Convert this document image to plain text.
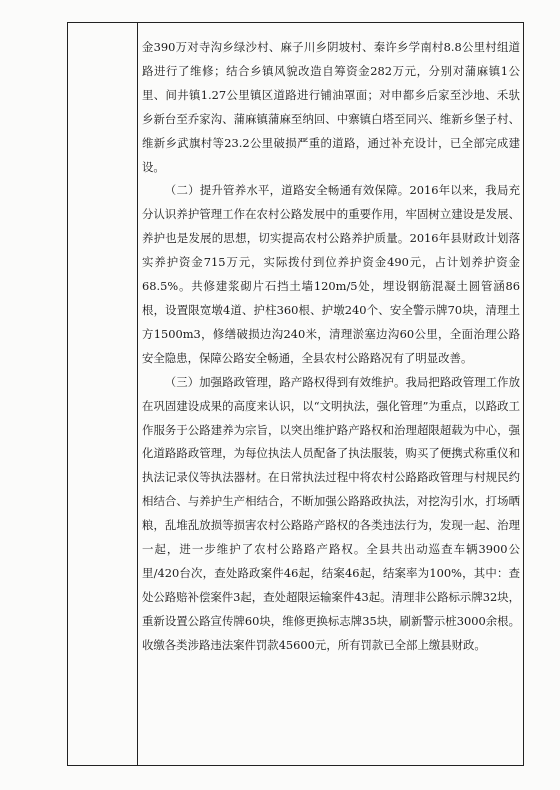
金390万对寺沟乡绿沙村、麻子川乡阴坡村、秦许乡学南村8.8公里村组道路进行了维修；结合乡镇风貌改造自筹资金282万元，分别对蒲麻镇1公里、间井镇1.27公里镇区道路进行铺油罩面；对申都乡后家至沙地、禾驮乡新台至乔家沟、蒲麻镇蒲麻至纳回、中寨镇白塔至同兴、维新乡堡子村、维新乡武旗村等23.2公里破损严重的道路，通过补充设计，已全部完成建设。

（二）提升管养水平，道路安全畅通有效保障。2016年以来，我局充分认识养护管理工作在农村公路发展中的重要作用，牢固树立建设是发展、养护也是发展的思想，切实提高农村公路养护质量。2016年县财政计划落实养护资金715万元，实际拨付到位养护资金490元，占计划养护资金68.5%。共修建浆砌片石挡土墙120m/5处，埋设钢筋混凝土圆管涵86根，设置限宽墩4道、护柱360根、护墩240个、安全警示牌70块，清理土方1500m3，修缮破损边沟240米，清理淤塞边沟60公里，全面治理公路安全隐患，保障公路安全畅通，全县农村公路路况有了明显改善。

（三）加强路政管理，路产路权得到有效维护。我局把路政管理工作放在巩固建设成果的高度来认识，以“文明执法，强化管理”为重点，以路政工作服务于公路建养为宗旨，以突出维护路产路权和治理超限超载为中心，强化道路路政管理，为每位执法人员配备了执法服装，购买了便携式称重仪和执法记录仪等执法器材。在日常执法过程中将农村公路路政管理与村规民约相结合、与养护生产相结合，不断加强公路路政执法，对挖沟引水，打场晒粮，乱堆乱放损等损害农村公路路产路权的各类违法行为，发现一起、治理一起，进一步维护了农村公路路产路权。全县共出动巡查车辆3900公里/420台次，查处路政案件46起，结案46起，结案率为100%，其中：查处公路赔补偿案件3起，查处超限运输案件43起。清理非公路标示牌32块，重新设置公路宣传牌60块，维修更换标志牌35块，刷新警示桩3000余根。收缴各类涉路违法案件罚款45600元，所有罚款已全部上缴县财政。
